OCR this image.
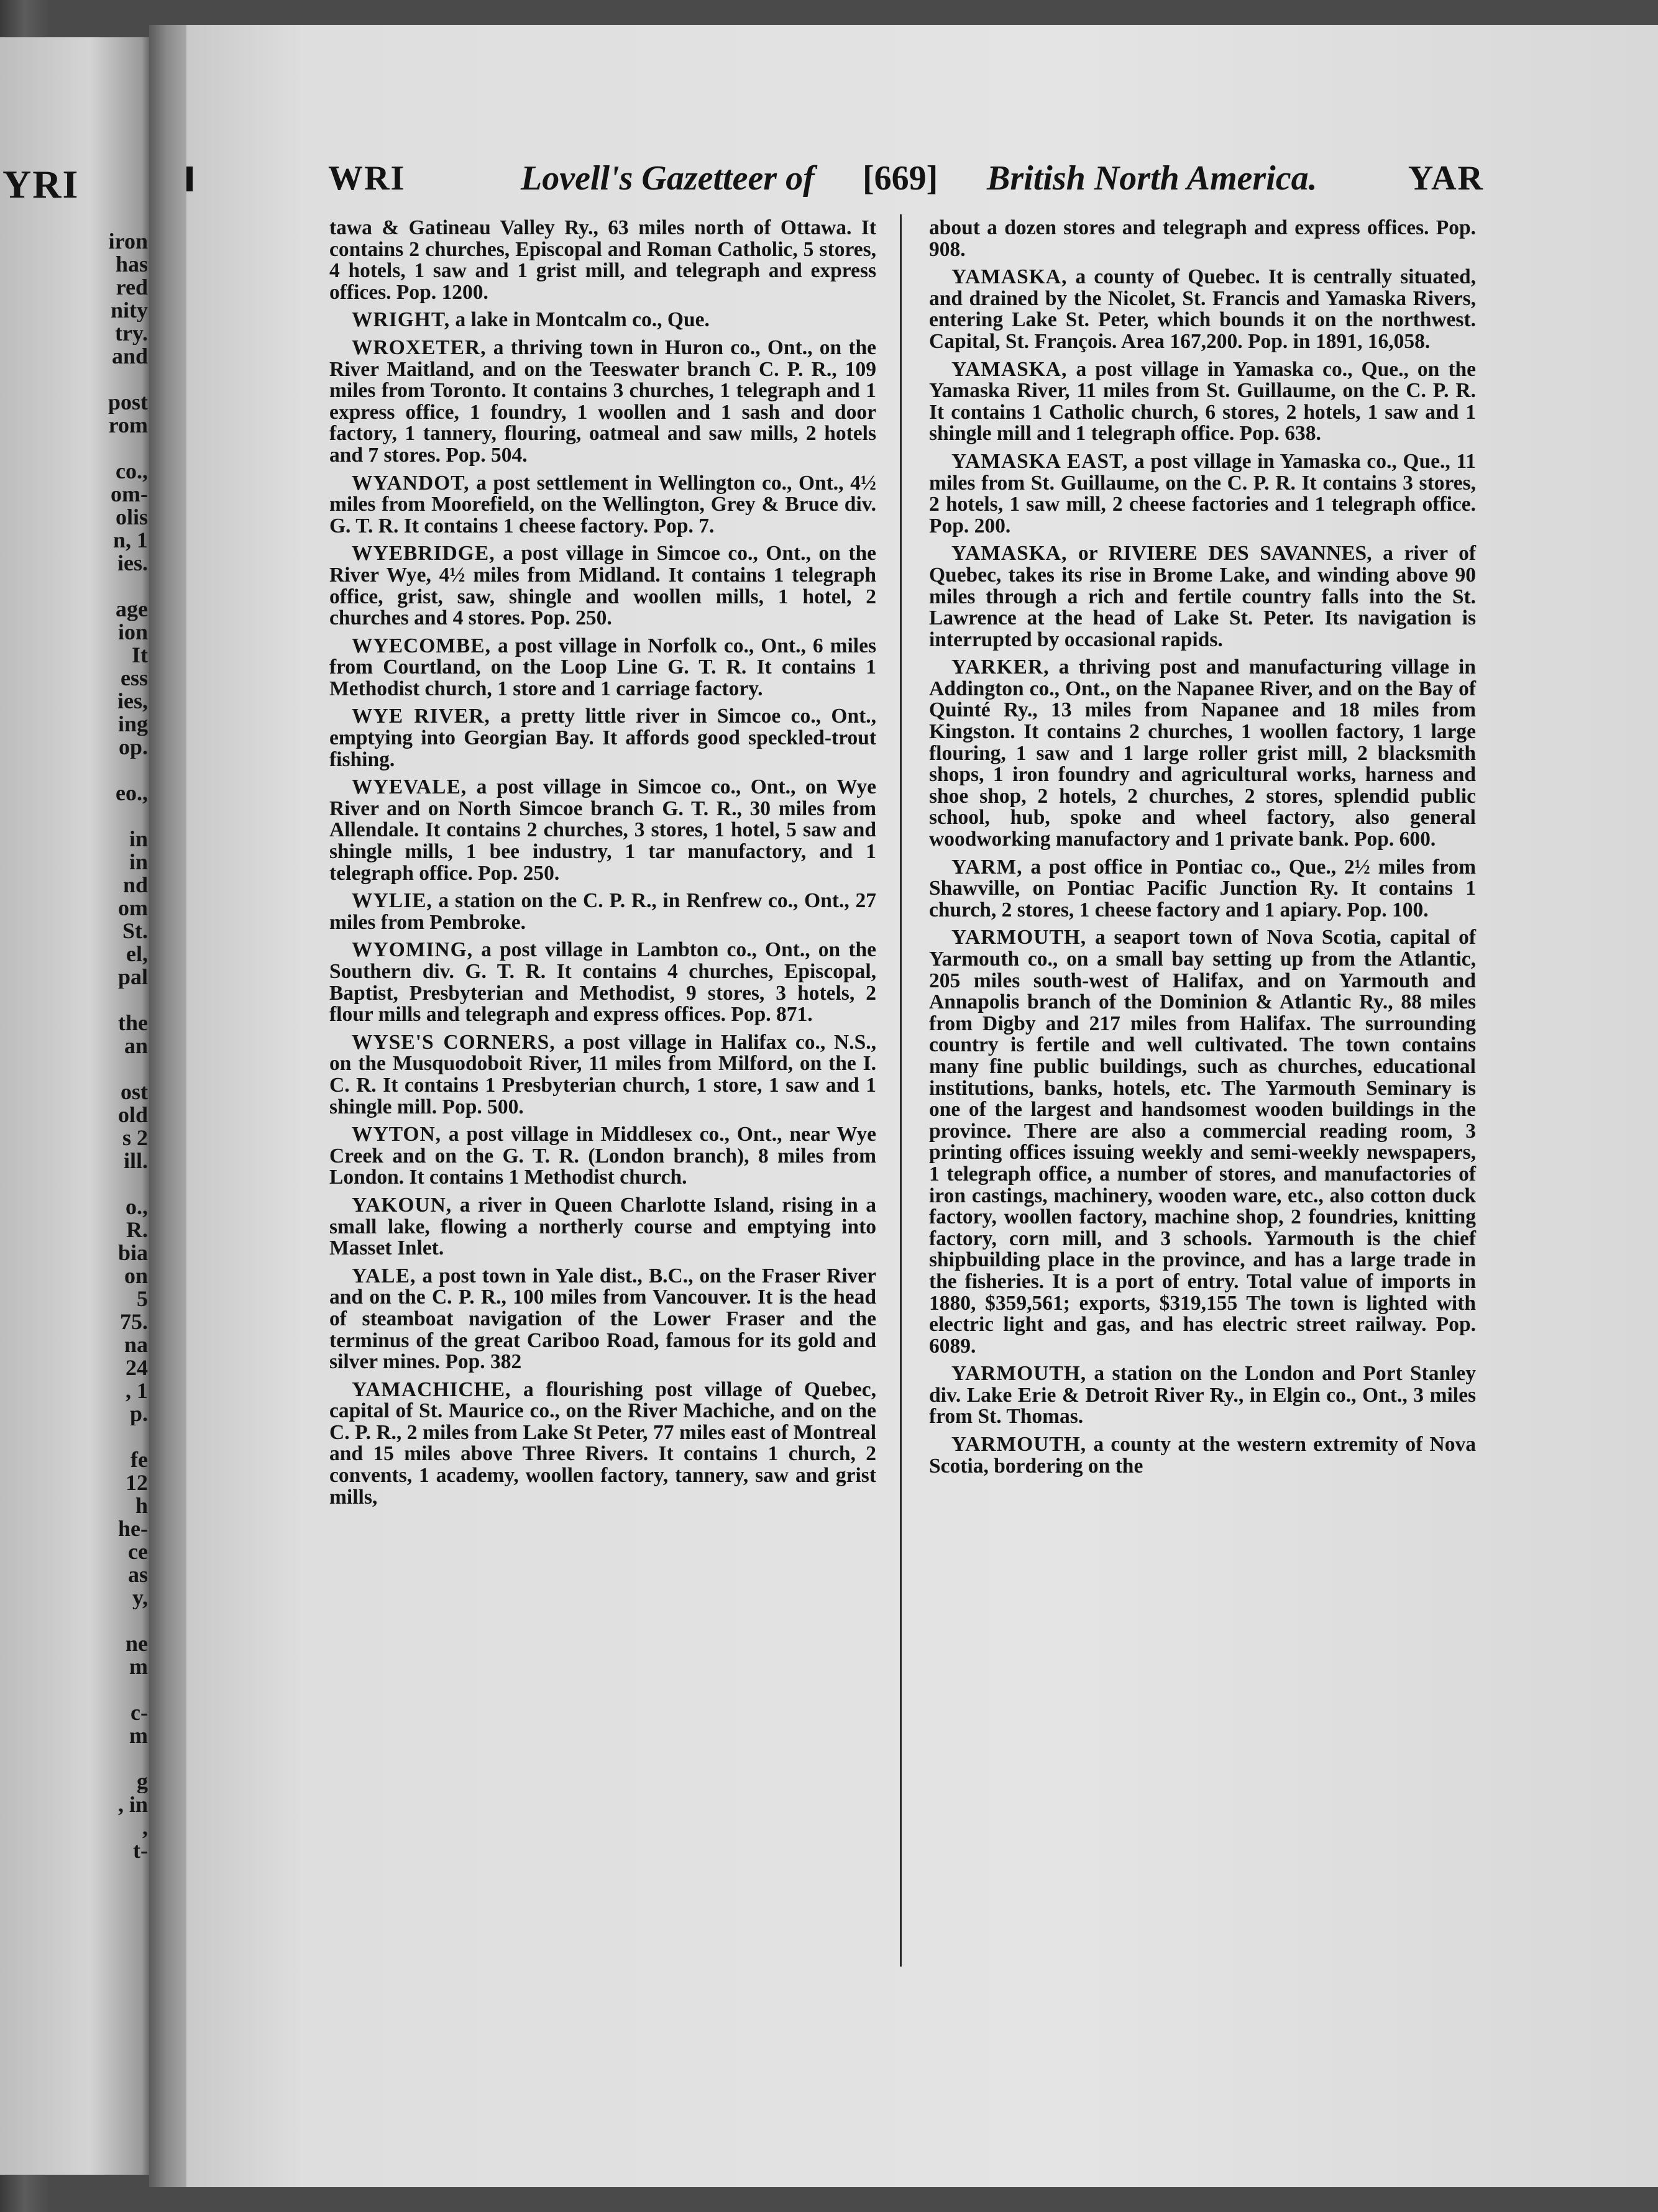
YRI
iron
has
red
nity
try.
and
post
rom
co.,
om-
olis
n, 1
ies.
age
ion
It
ess
ies,
ing
op.
eo.,
in
in
nd
om
St.
el,
pal
the
an
ost
old
s 2
ill.
o.,
R.
bia
on
5
75.
na
24
, 1
p.
fe
12
h
he-
ce
as
y,
ne
m
c-
m
g
, in
,
t-
WRI	Lovell's Gazetteer of [669] British North America.	YAR

tawa & Gatineau Valley Ry., 63 miles north of Ottawa. It contains 2 churches, Episcopal and Roman Catholic, 5 stores, 4 hotels, 1 saw and 1 grist mill, and telegraph and express offices. Pop. 1200.

WRIGHT, a lake in Montcalm co., Que.

WROXETER, a thriving town in Huron co., Ont., on the River Maitland, and on the Teeswater branch C. P. R., 109 miles from Toronto. It contains 3 churches, 1 telegraph and 1 express office, 1 foundry, 1 woollen and 1 sash and door factory, 1 tannery, flouring, oatmeal and saw mills, 2 hotels and 7 stores. Pop. 504.

WYANDOT, a post settlement in Wellington co., Ont., 4½ miles from Moorefield, on the Wellington, Grey & Bruce div. G. T. R. It contains 1 cheese factory. Pop. 7.

WYEBRIDGE, a post village in Simcoe co., Ont., on the River Wye, 4½ miles from Midland. It contains 1 telegraph office, grist, saw, shingle and woollen mills, 1 hotel, 2 churches and 4 stores. Pop. 250.

WYECOMBE, a post village in Norfolk co., Ont., 6 miles from Courtland, on the Loop Line G. T. R. It contains 1 Methodist church, 1 store and 1 carriage factory.

WYE RIVER, a pretty little river in Simcoe co., Ont., emptying into Georgian Bay. It affords good speckled-trout fishing.

WYEVALE, a post village in Simcoe co., Ont., on Wye River and on North Simcoe branch G. T. R., 30 miles from Allendale. It contains 2 churches, 3 stores, 1 hotel, 5 saw and shingle mills, 1 bee industry, 1 tar manufactory, and 1 telegraph office. Pop. 250.

WYLIE, a station on the C. P. R., in Renfrew co., Ont., 27 miles from Pembroke.

WYOMING, a post village in Lambton co., Ont., on the Southern div. G. T. R. It contains 4 churches, Episcopal, Baptist, Presbyterian and Methodist, 9 stores, 3 hotels, 2 flour mills and telegraph and express offices. Pop. 871.

WYSE'S CORNERS, a post village in Halifax co., N.S., on the Musquodoboit River, 11 miles from Milford, on the I. C. R. It contains 1 Presbyterian church, 1 store, 1 saw and 1 shingle mill. Pop. 500.

WYTON, a post village in Middlesex co., Ont., near Wye Creek and on the G. T. R. (London branch), 8 miles from London. It contains 1 Methodist church.

YAKOUN, a river in Queen Charlotte Island, rising in a small lake, flowing a northerly course and emptying into Masset Inlet.

YALE, a post town in Yale dist., B.C., on the Fraser River and on the C. P. R., 100 miles from Vancouver. It is the head of steamboat navigation of the Lower Fraser and the terminus of the great Cariboo Road, famous for its gold and silver mines. Pop. 382

YAMACHICHE, a flourishing post village of Quebec, capital of St. Maurice co., on the River Machiche, and on the C. P. R., 2 miles from Lake St Peter, 77 miles east of Montreal and 15 miles above Three Rivers. It contains 1 church, 2 convents, 1 academy, woollen factory, tannery, saw and grist mills,

about a dozen stores and telegraph and express offices. Pop. 908.

YAMASKA, a county of Quebec. It is centrally situated, and drained by the Nicolet, St. Francis and Yamaska Rivers, entering Lake St. Peter, which bounds it on the northwest. Capital, St. François. Area 167,200. Pop. in 1891, 16,058.

YAMASKA, a post village in Yamaska co., Que., on the Yamaska River, 11 miles from St. Guillaume, on the C. P. R. It contains 1 Catholic church, 6 stores, 2 hotels, 1 saw and 1 shingle mill and 1 telegraph office. Pop. 638.

YAMASKA EAST, a post village in Yamaska co., Que., 11 miles from St. Guillaume, on the C. P. R. It contains 3 stores, 2 hotels, 1 saw mill, 2 cheese factories and 1 telegraph office. Pop. 200.

YAMASKA, or RIVIERE DES SAVANNES, a river of Quebec, takes its rise in Brome Lake, and winding above 90 miles through a rich and fertile country falls into the St. Lawrence at the head of Lake St. Peter. Its navigation is interrupted by occasional rapids.

YARKER, a thriving post and manufacturing village in Addington co., Ont., on the Napanee River, and on the Bay of Quinté Ry., 13 miles from Napanee and 18 miles from Kingston. It contains 2 churches, 1 woollen factory, 1 large flouring, 1 saw and 1 large roller grist mill, 2 blacksmith shops, 1 iron foundry and agricultural works, harness and shoe shop, 2 hotels, 2 churches, 2 stores, splendid public school, hub, spoke and wheel factory, also general woodworking manufactory and 1 private bank. Pop. 600.

YARM, a post office in Pontiac co., Que., 2½ miles from Shawville, on Pontiac Pacific Junction Ry. It contains 1 church, 2 stores, 1 cheese factory and 1 apiary. Pop. 100.

YARMOUTH, a seaport town of Nova Scotia, capital of Yarmouth co., on a small bay setting up from the Atlantic, 205 miles south-west of Halifax, and on Yarmouth and Annapolis branch of the Dominion & Atlantic Ry., 88 miles from Digby and 217 miles from Halifax. The surrounding country is fertile and well cultivated. The town contains many fine public buildings, such as churches, educational institutions, banks, hotels, etc. The Yarmouth Seminary is one of the largest and handsomest wooden buildings in the province. There are also a commercial reading room, 3 printing offices issuing weekly and semi-weekly newspapers, 1 telegraph office, a number of stores, and manufactories of iron castings, machinery, wooden ware, etc., also cotton duck factory, woollen factory, machine shop, 2 foundries, knitting factory, corn mill, and 3 schools. Yarmouth is the chief shipbuilding place in the province, and has a large trade in the fisheries. It is a port of entry. Total value of imports in 1880, $359,561; exports, $319,155 The town is lighted with electric light and gas, and has electric street railway. Pop. 6089.

YARMOUTH, a station on the London and Port Stanley div. Lake Erie & Detroit River Ry., in Elgin co., Ont., 3 miles from St. Thomas.

YARMOUTH, a county at the western extremity of Nova Scotia, bordering on the
